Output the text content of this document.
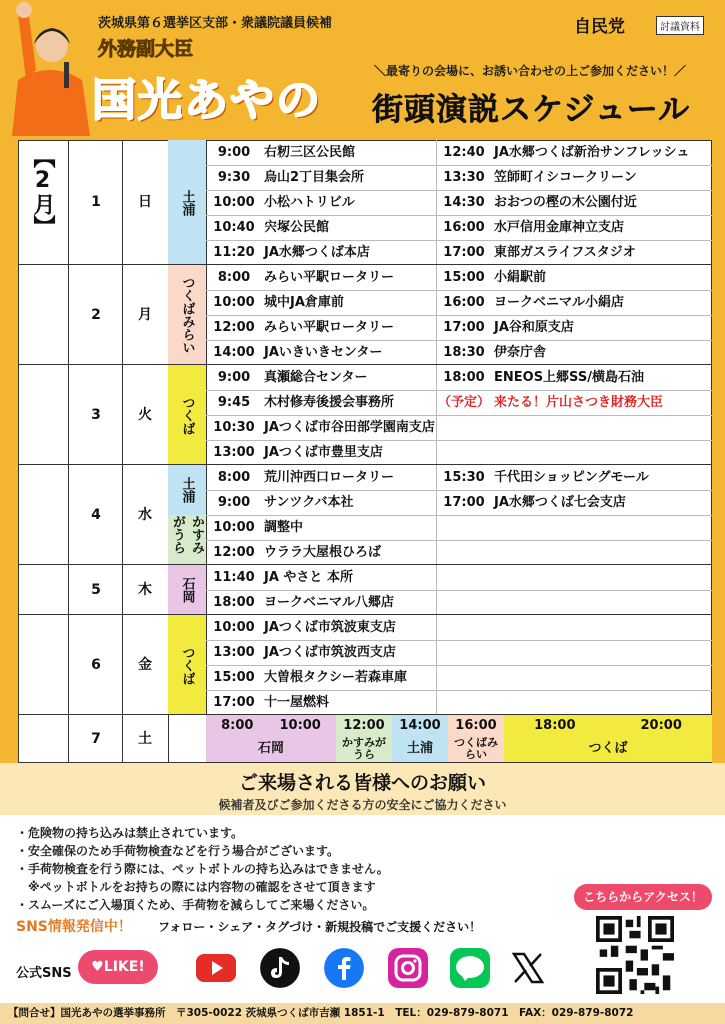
茨城県第６選挙区支部・衆議院議員候補
外務副大臣
国光あやの
自民党	討議資料
＼最寄りの会場に、お誘い合わせの上ご参加ください！／
街頭演説スケジュール
【2月】	1	日	土浦
9:00	右籾三区公民館	12:40 JA水郷つくば新治サンフレッシュ
9:30	烏山2丁目集会所	13:30 笠師町イシコークリーン
10:00 小松ハトリビル	14:30 おおつの樫の木公園付近
10:40 宍塚公民館	16:00 水戸信用金庫神立支店
11:20 JA水郷つくば本店	17:00 東部ガスライフスタジオ
2	月	つくばみらい	8:00	みらい平駅ロータリー	15:00 小絹駅前
10:00 城中JA倉庫前	16:00 ヨークベニマル小絹店
12:00 みらい平駅ロータリー	17:00 JA谷和原支店
14:00 JAいきいきセンター	18:30 伊奈庁舎
3	火	つくば
9:00	真瀬総合センター	18:00 ENEOS上郷SS/横島石油
9:45	木村修寿後援会事務所	（予定） 来たる！片山さつき財務大臣
10:30 JAつくば市谷田部学園南支店
13:00 JAつくば市豊里支店
4	水
土浦
かすみがうら
8:00	荒川沖西口ロータリー	15:30 千代田ショッピングモール
9:00	サンツクバ本社	17:00 JA水郷つくば七会支店
10:00 調整中
12:00 ウララ大屋根ひろば
5	木	石岡	11:40 JA やさと 本所
18:00 ヨークベニマル八郷店
6	金	つくば
10:00 JAつくば市筑波東支店
13:00 JAつくば市筑波西支店
15:00 大曽根タクシー若森車庫
17:00 十一屋燃料
7	土
8:00　　10:00
石岡
12:00
かすみがうら
14:00
土浦
16:00
つくばみらい
18:00　　　　　20:00
つくば
ご来場される皆様へのお願い
候補者及びご参加くださる方の安全にご協力ください
・危険物の持ち込みは禁止されています。
・安全確保のため手荷物検査などを行う場合がございます。
・手荷物検査を行う際には、ペットボトルの持ち込みはできません。
　※ペットボトルをお持ちの際には内容物の確認をさせて頂きます
・スムーズにご入場頂くため、手荷物を減らしてご来場ください。
SNS情報発信中！ フォロー・シェア・タグづけ・新規投稿でご支援ください！
公式SNS	♥LIKE!
こちらからアクセス！
【問合せ】国光あやの選挙事務所　〒305-0022 茨城県つくば市吉瀬 1851-1　TEL：029-879-8071　FAX：029-879-8072
